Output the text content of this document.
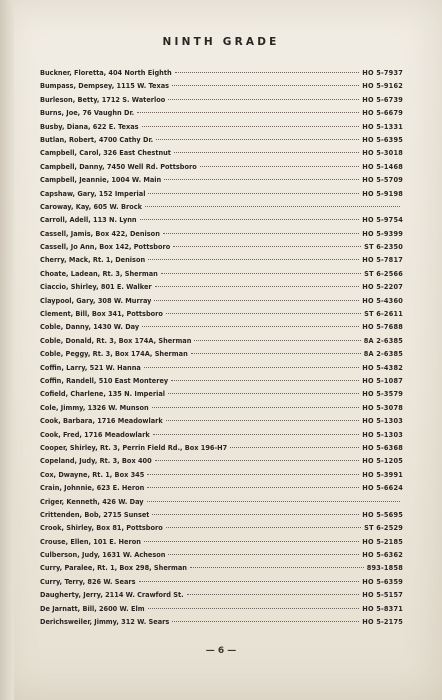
NINTH GRADE
Buckner, Floretta, 404 North Eighth	HO 5-7937
Bumpass, Dempsey, 1115 W. Texas	HO 5-9162
Burleson, Betty, 1712 S. Waterloo	HO 5-6739
Burns, Joe, 76 Vaughn Dr.	HO 5-6679
Busby, Diana, 622 E. Texas	HO 5-1331
Butlan, Robert, 4700 Cathy Dr.	HO 5-6395
Campbell, Carol, 326 East Chestnut	HO 5-3018
Campbell, Danny, 7450 Well Rd. Pottsboro	HO 5-1468
Campbell, Jeannie, 1004 W. Main	HO 5-5709
Capshaw, Gary, 152 Imperial	HO 5-9198
Caroway, Kay, 605 W. Brock
Carroll, Adell, 113 N. Lynn	HO 5-9754
Cassell, Jamis, Box 422, Denison	HO 5-9399
Cassell, Jo Ann, Box 142, Pottsboro	ST 6-2350
Cherry, Mack, Rt. 1, Denison	HO 5-7817
Choate, Ladean, Rt. 3, Sherman	ST 6-2566
Ciaccio, Shirley, 801 E. Walker	HO 5-2207
Claypool, Gary, 308 W. Murray	HO 5-4360
Clement, Bill, Box 341, Pottsboro	ST 6-2611
Coble, Danny, 1430 W. Day	HO 5-7688
Coble, Donald, Rt. 3, Box 174A, Sherman	8A 2-6385
Coble, Peggy, Rt. 3, Box 174A, Sherman	8A 2-6385
Coffin, Larry, 521 W. Hanna	HO 5-4382
Coffin, Randell, 510 East Monterey	HO 5-1087
Cofield, Charlene, 135 N. Imperial	HO 5-3579
Cole, Jimmy, 1326 W. Munson	HO 5-3078
Cook, Barbara, 1716 Meadowlark	HO 5-1303
Cook, Fred, 1716 Meadowlark	HO 5-1303
Cooper, Shirley, Rt. 3, Perrin Field Rd., Box 196-H7	HO 5-6368
Copeland, Judy, Rt. 3, Box 400	HO 5-1205
Cox, Dwayne, Rt. 1, Box 345	HO 5-3991
Crain, Johnnie, 623 E. Heron	HO 5-6624
Criger, Kenneth, 426 W. Day
Crittenden, Bob, 2715 Sunset	HO 5-5695
Crook, Shirley, Box 81, Pottsboro	ST 6-2529
Crouse, Ellen, 101 E. Heron	HO 5-2185
Culberson, Judy, 1631 W. Acheson	HO 5-6362
Curry, Paralee, Rt. 1, Box 298, Sherman	893-1858
Curry, Terry, 826 W. Sears	HO 5-6359
Daugherty, Jerry, 2114 W. Crawford St.	HO 5-5157
De Jarnatt, Bill, 2600 W. Elm	HO 5-8371
Derichsweiler, Jimmy, 312 W. Sears	HO 5-2175
— 6 —
